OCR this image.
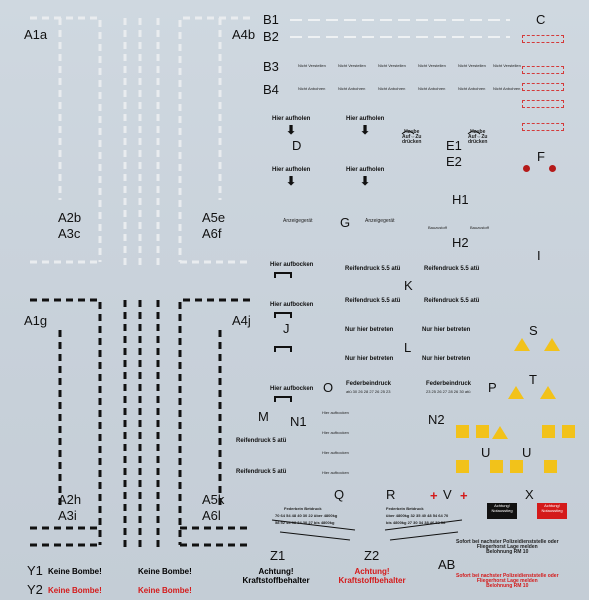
A1a	A4b
A2b
A3c
A5e
A6f
A1g	A4j
A2h
A3i
A5k
A6l
B1
B2
B3
B4
C
D	E1
E2	F
G
H1
H2
I
J
K
L
M N1	N2
O	P
Q	R
S
T
U U
V	X
Y1
Y2
Z1	Z2
AB
Nicht Verstellen	Nicht Verstellen	Nicht Verstellen	Nicht Verstellen	Nicht Verstellen Nicht Verstellen
Nicht Anbohren	Nicht Anbohren	Nicht Anbohren	Nicht Anbohren	Nicht Anbohren Nicht Anbohren
Hier aufholen
⬇
Hier aufholen
⬇
Hier aufholen
⬇
Hier aufholen
⬇
Haube
Auf⇔Zu
drücken
Haube
Auf⇔Zu
drücken
Anzeigegerät	Anzeigegerät
Bauzustoff	Bauzustoff
Hier aufbocken
Hier aufbocken
Hier aufbocken
Reifendruck 5.5 atü	Reifendruck 5.5 atü
Reifendruck 5.5 atü	Reifendruck 5.5 atü
Nur hier betreten	Nur hier betreten
Nur hier betreten	Nur hier betreten
Federbeindruck
atü 30 26 28 27 26 25 23
Federbeindruck
23 25 26 27 28 26 30 atü
Hier aufbocken
Reifendruck 5 atü
Hier aufbocken
Hier aufbocken
Reifendruck 5 atü	Hier aufbocken
Federbein Betdruck
70 64 54 48 40 30 22 über 4800kg
58 52 46 38 34 30 27 bis 4800kg
Federbein Betdruck
über 4800kg 32 35 40 48 54 64 70
bis 4800kg 27 30 34 38 46 52 58
+ +
Achtung!
Notausstieg
Achtung!
Notausstieg
Sofort bei nachster Polizeidienststelle oder
Fliegerhorst Lage melden
Belohnung RM 10
Sofort bei nachster Polizeidienststelle oder
Fliegerhorst Lage melden
Belohnung RM 10
Keine Bombe!	Keine Bombe!
Keine Bombe!	Keine Bombe!
Achtung!
Kraftstoffbehalter
Achtung!
Kraftstoffbehalter
